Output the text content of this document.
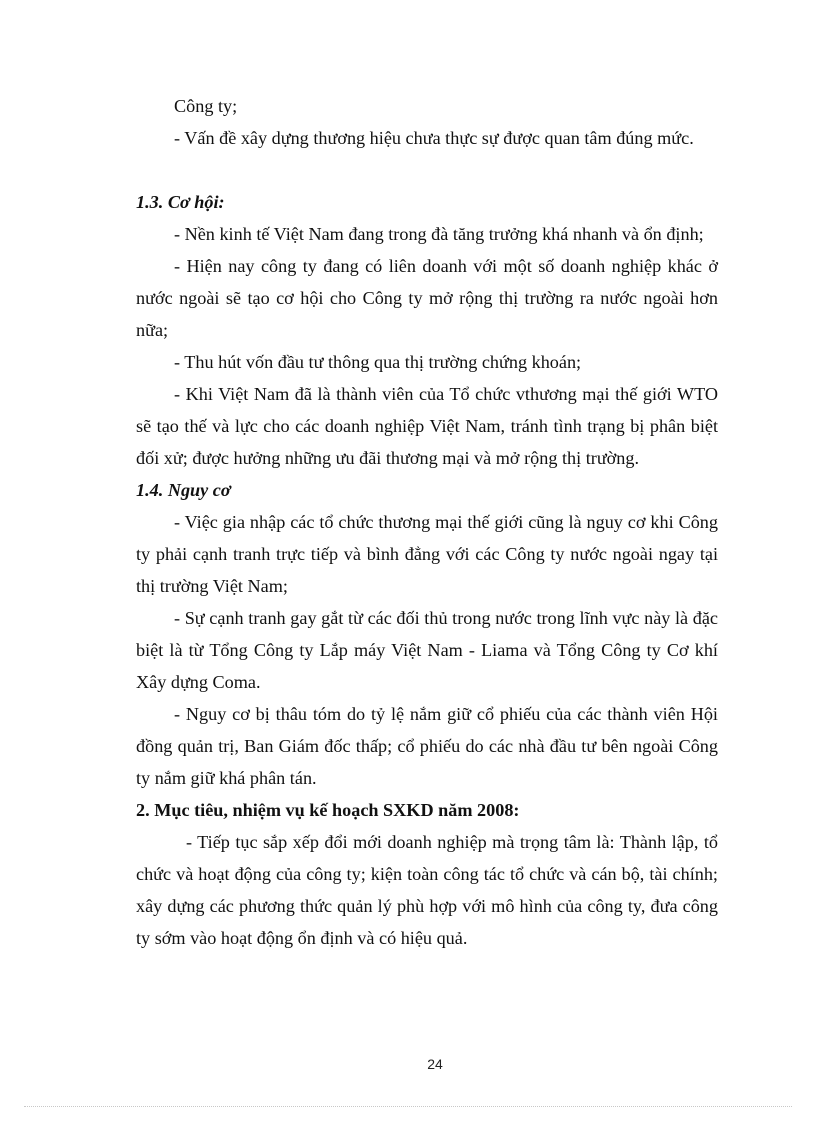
Công ty;

- Vấn đề xây dựng thương hiệu chưa thực sự được quan tâm đúng mức.

1.3. Cơ hội:

- Nền kinh tế Việt Nam đang trong đà tăng trưởng khá nhanh và ổn định;

- Hiện nay công ty đang có liên doanh với một số doanh nghiệp khác ở nước ngoài sẽ tạo cơ hội cho Công ty mở rộng thị trường ra nước ngoài hơn nữa;

- Thu hút vốn đầu tư thông qua thị trường chứng khoán;

- Khi Việt Nam đã là thành viên của Tổ chức vthương mại thế giới WTO sẽ tạo thế và lực cho các doanh nghiệp Việt Nam, tránh tình trạng bị phân biệt đối xử; được hưởng những ưu đãi thương mại và mở rộng thị trường.

1.4. Nguy cơ

- Việc gia nhập các tổ chức thương mại thế giới cũng là nguy cơ khi Công ty phải cạnh tranh trực tiếp và bình đẳng với các Công ty nước ngoài ngay tại thị trường Việt Nam;

- Sự cạnh tranh gay gắt từ các đối thủ trong nước trong lĩnh vực này là đặc biệt là từ Tổng Công ty Lắp máy Việt Nam - Liama và Tổng Công ty Cơ khí Xây dựng Coma.

- Nguy cơ bị thâu tóm do tỷ lệ nắm giữ cổ phiếu của các thành viên Hội đồng quản trị, Ban Giám đốc thấp; cổ phiếu do các nhà đầu tư bên ngoài Công ty nắm giữ khá phân tán.

2. Mục tiêu, nhiệm vụ kế hoạch SXKD năm 2008:

- Tiếp tục sắp xếp đổi mới doanh nghiệp mà trọng tâm là: Thành lập, tổ chức và hoạt động của công ty; kiện toàn công tác tổ chức và cán bộ, tài chính; xây dựng các phương thức quản lý phù hợp với mô hình của công ty, đưa công ty sớm vào hoạt động ổn định và có hiệu quả.

24
